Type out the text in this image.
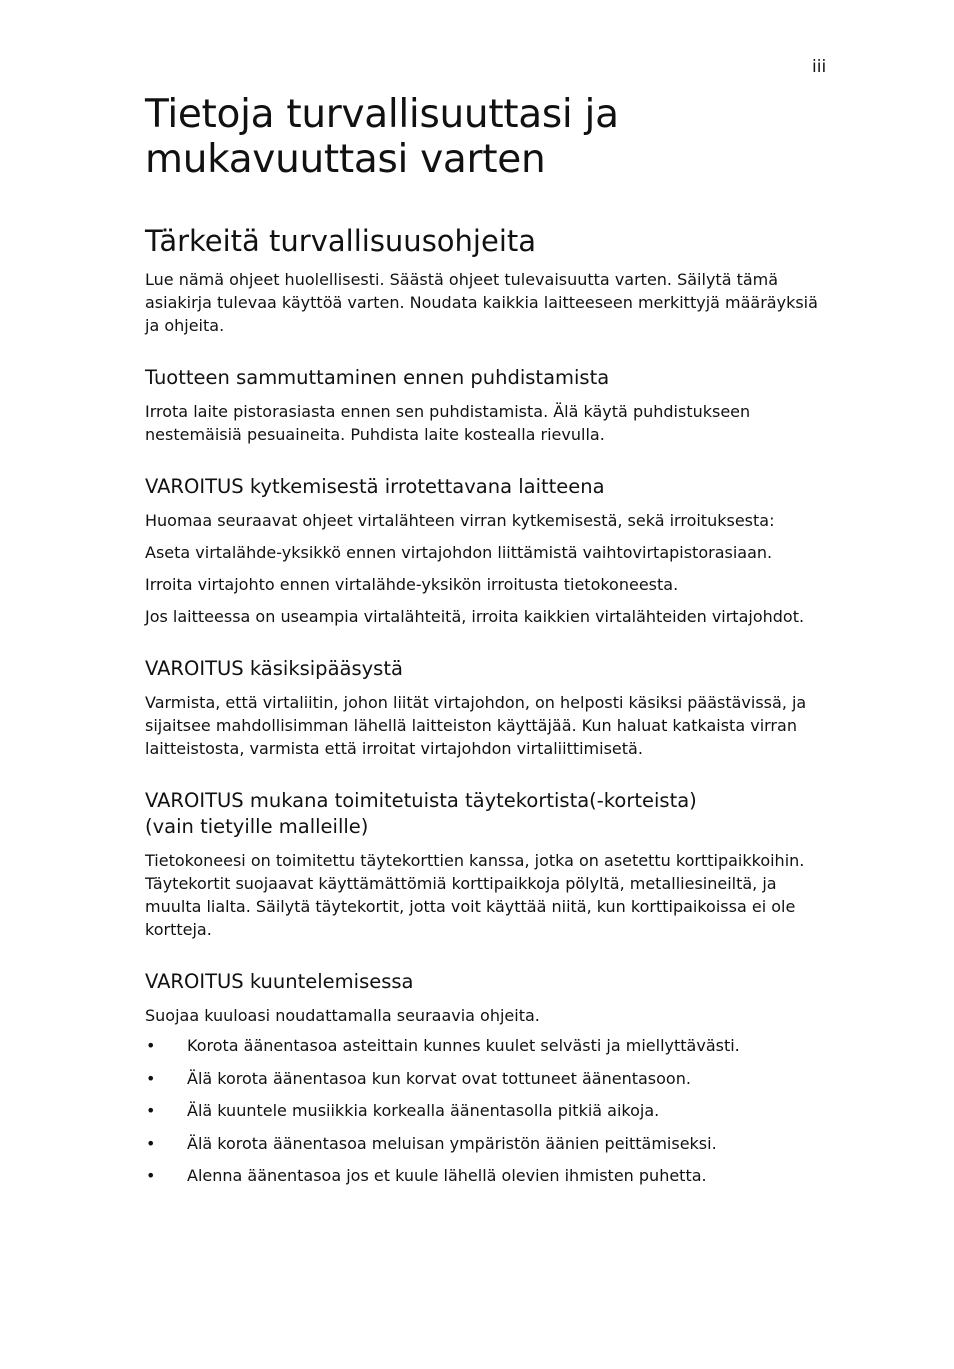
iii
Tietoja turvallisuuttasi ja mukavuuttasi varten
Tärkeitä turvallisuusohjeita

Lue nämä ohjeet huolellisesti. Säästä ohjeet tulevaisuutta varten. Säilytä tämä asiakirja tulevaa käyttöä varten. Noudata kaikkia laitteeseen merkittyjä määräyksiä ja ohjeita.

Tuotteen sammuttaminen ennen puhdistamista

Irrota laite pistorasiasta ennen sen puhdistamista. Älä käytä puhdistukseen nestemäisiä pesuaineita. Puhdista laite kostealla rievulla.

VAROITUS kytkemisestä irrotettavana laitteena

Huomaa seuraavat ohjeet virtalähteen virran kytkemisestä, sekä irroituksesta:

Aseta virtalähde-yksikkö ennen virtajohdon liittämistä vaihtovirtapistorasiaan.

Irroita virtajohto ennen virtalähde-yksikön irroitusta tietokoneesta.

Jos laitteessa on useampia virtalähteitä, irroita kaikkien virtalähteiden virtajohdot.

VAROITUS käsiksipääsystä

Varmista, että virtaliitin, johon liität virtajohdon, on helposti käsiksi päästävissä, ja sijaitsee mahdollisimman lähellä laitteiston käyttäjää. Kun haluat katkaista virran laitteistosta, varmista että irroitat virtajohdon virtaliittimisetä.

VAROITUS mukana toimitetuista täytekortista(-korteista)
(vain tietyille malleille)

Tietokoneesi on toimitettu täytekorttien kanssa, jotka on asetettu korttipaikkoihin. Täytekortit suojaavat käyttämättömiä korttipaikkoja pölyltä, metalliesineiltä, ja muulta lialta. Säilytä täytekortit, jotta voit käyttää niitä, kun korttipaikoissa ei ole kortteja.

VAROITUS kuuntelemisessa

Suojaa kuuloasi noudattamalla seuraavia ohjeita.

• Korota äänentasoa asteittain kunnes kuulet selvästi ja miellyttävästi.
• Älä korota äänentasoa kun korvat ovat tottuneet äänentasoon.
• Älä kuuntele musiikkia korkealla äänentasolla pitkiä aikoja.
• Älä korota äänentasoa meluisan ympäristön äänien peittämiseksi.
• Alenna äänentasoa jos et kuule lähellä olevien ihmisten puhetta.
